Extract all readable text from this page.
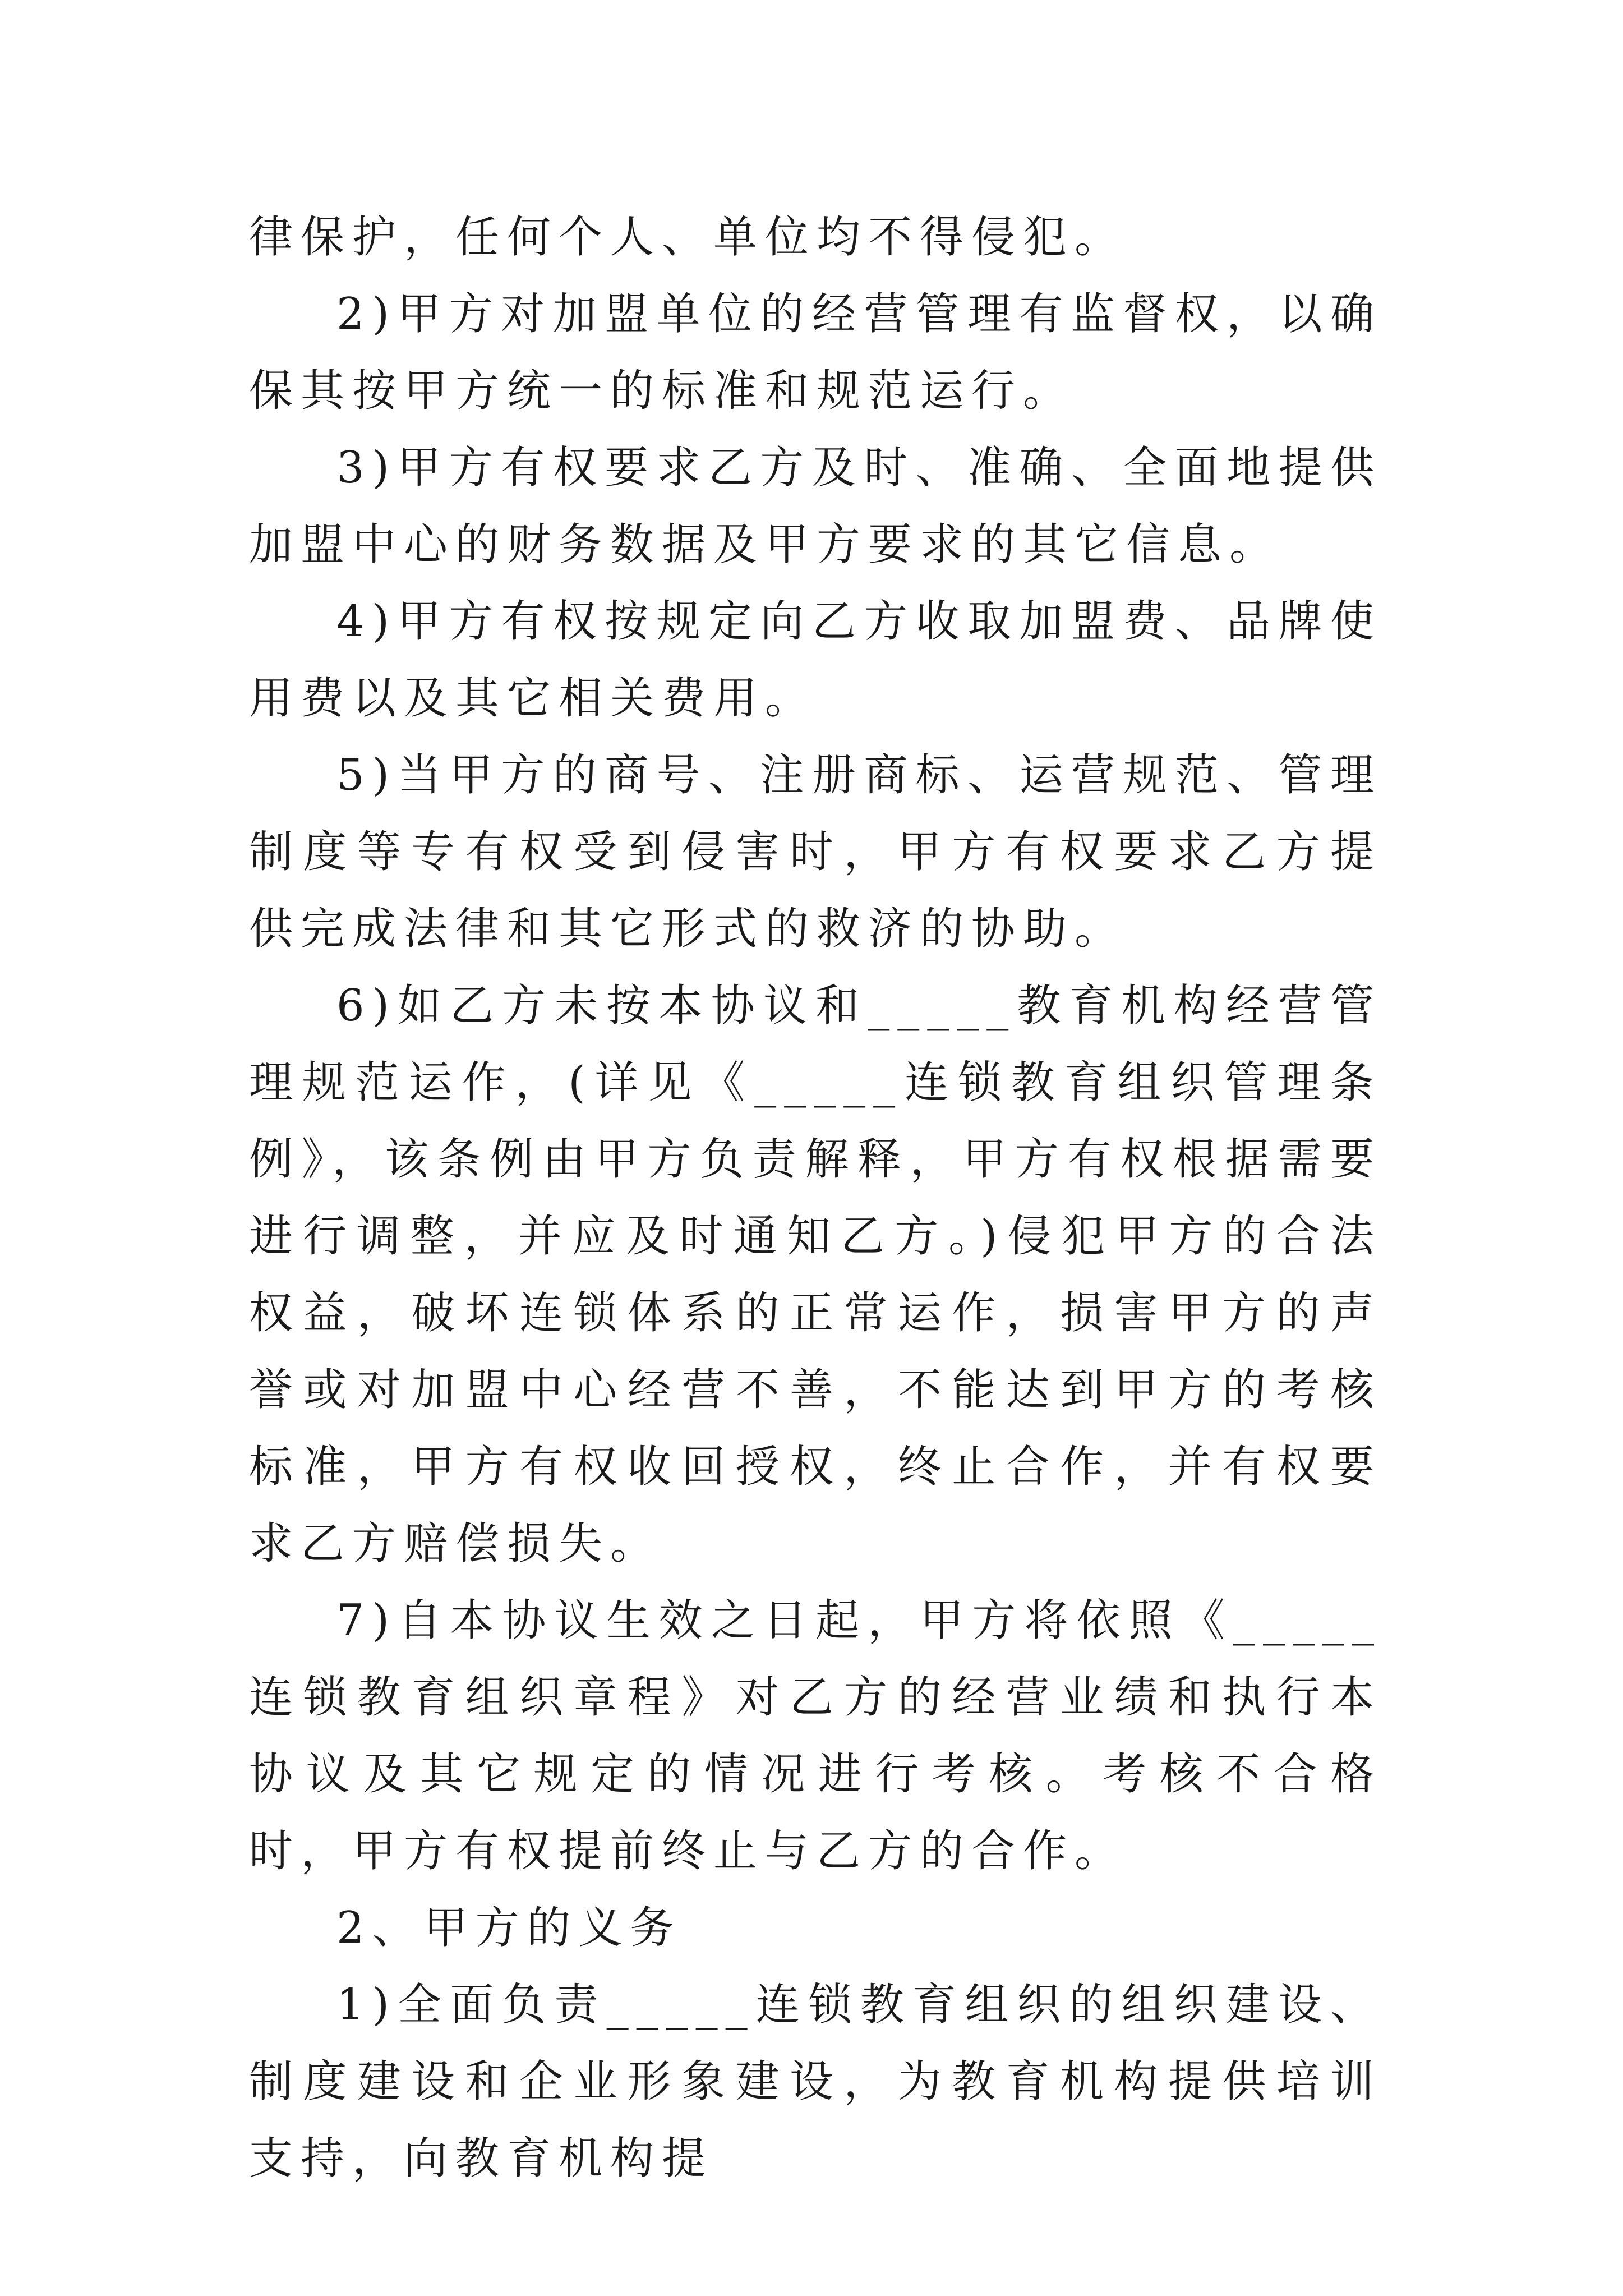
律保护，任何个人、单位均不得侵犯。

2)甲方对加盟单位的经营管理有监督权，以确保其按甲方统一的标准和规范运行。

3)甲方有权要求乙方及时、准确、全面地提供加盟中心的财务数据及甲方要求的其它信息。

4)甲方有权按规定向乙方收取加盟费、品牌使用费以及其它相关费用。

5)当甲方的商号、注册商标、运营规范、管理制度等专有权受到侵害时，甲方有权要求乙方提供完成法律和其它形式的救济的协助。

6)如乙方未按本协议和_____教育机构经营管理规范运作，(详见《_____连锁教育组织管理条例》，该条例由甲方负责解释，甲方有权根据需要进行调整，并应及时通知乙方。)侵犯甲方的合法权益，破坏连锁体系的正常运作，损害甲方的声誉或对加盟中心经营不善，不能达到甲方的考核标准，甲方有权收回授权，终止合作，并有权要求乙方赔偿损失。

7)自本协议生效之日起，甲方将依照《_____连锁教育组织章程》对乙方的经营业绩和执行本协议及其它规定的情况进行考核。考核不合格时，甲方有权提前终止与乙方的合作。

2、甲方的义务

1)全面负责_____连锁教育组织的组织建设、制度建设和企业形象建设，为教育机构提供培训支持，向教育机构提
